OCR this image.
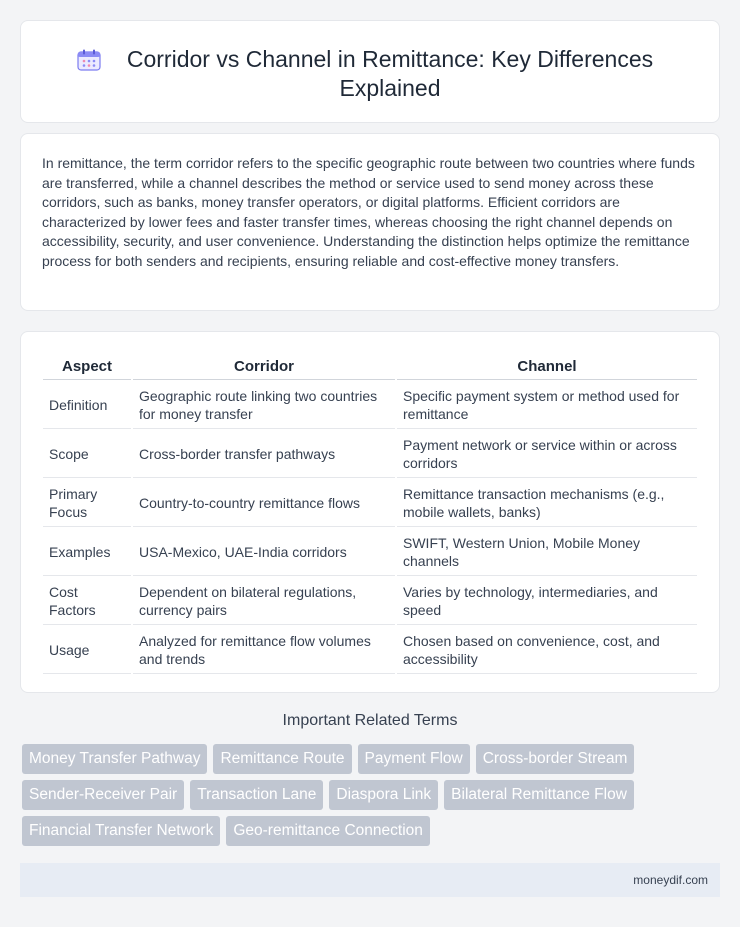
Corridor vs Channel in Remittance: Key Differences Explained

In remittance, the term corridor refers to the specific geographic route between two countries where funds are transferred, while a channel describes the method or service used to send money across these corridors, such as banks, money transfer operators, or digital platforms. Efficient corridors are characterized by lower fees and faster transfer times, whereas choosing the right channel depends on accessibility, security, and user convenience. Understanding the distinction helps optimize the remittance process for both senders and recipients, ensuring reliable and cost-effective money transfers.

Aspect	Corridor	Channel
Definition	Geographic route linking two countries for money transfer	Specific payment system or method used for remittance
Scope	Cross-border transfer pathways	Payment network or service within or across corridors
Primary Focus	Country-to-country remittance flows	Remittance transaction mechanisms (e.g., mobile wallets, banks)
Examples	USA-Mexico, UAE-India corridors	SWIFT, Western Union, Mobile Money channels
Cost Factors	Dependent on bilateral regulations, currency pairs	Varies by technology, intermediaries, and speed
Usage	Analyzed for remittance flow volumes and trends	Chosen based on convenience, cost, and accessibility
Important Related Terms
Money Transfer Pathway	Remittance Route	Payment Flow	Cross-border Stream
Sender-Receiver Pair	Transaction Lane	Diaspora Link	Bilateral Remittance Flow
Financial Transfer Network	Geo-remittance Connection
moneydif.com
